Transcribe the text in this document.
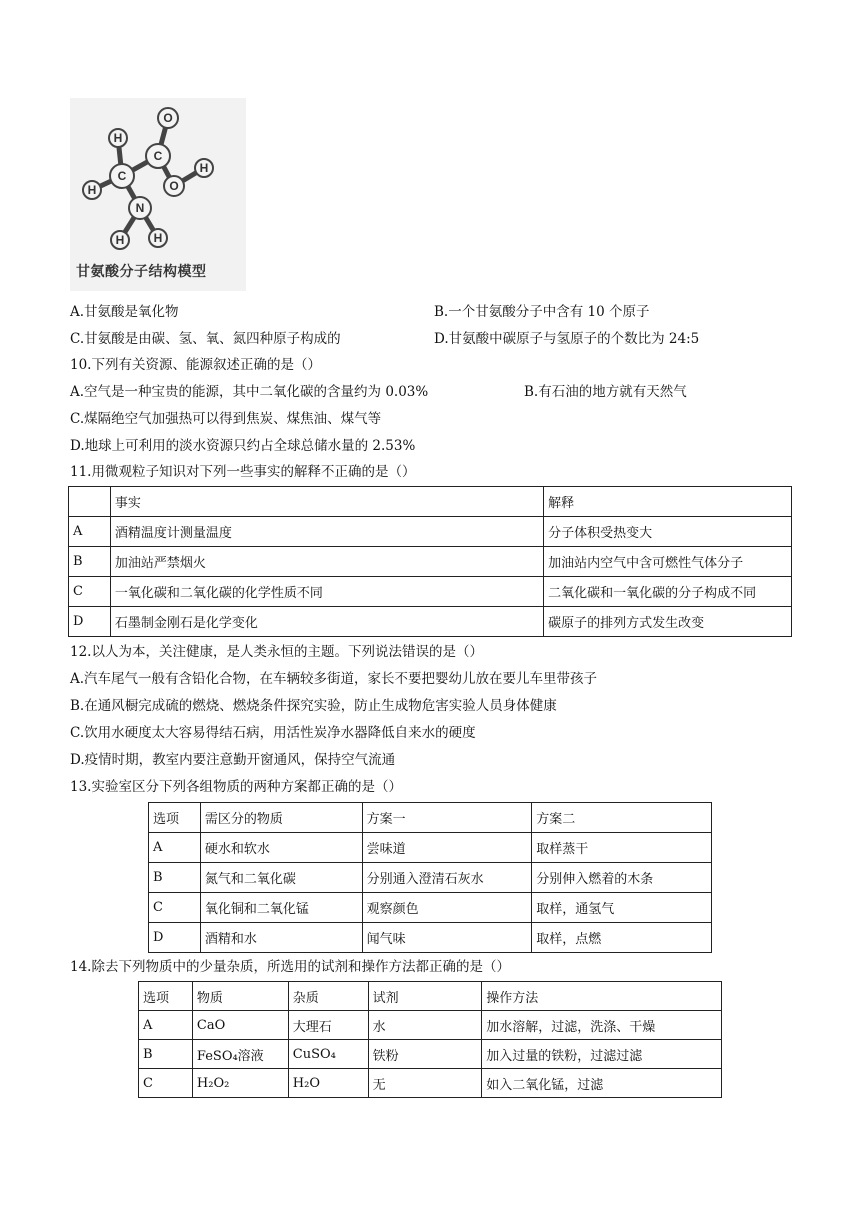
C
C
O
O
H
H
H
N
H H
甘氨酸分子结构模型
A.甘氨酸是氧化物	B.一个甘氨酸分子中含有 10 个原子
C.甘氨酸是由碳、氢、氧、氮四种原子构成的	D.甘氨酸中碳原子与氢原子的个数比为 24:5
10.下列有关资源、能源叙述正确的是（）
A.空气是一种宝贵的能源，其中二氧化碳的含量约为 0.03%	B.有石油的地方就有天然气
C.煤隔绝空气加强热可以得到焦炭、煤焦油、煤气等
D.地球上可利用的淡水资源只约占全球总储水量的 2.53%
11.用微观粒子知识对下列一些事实的解释不正确的是（）
	事实	解释
A	酒精温度计测量温度	分子体积受热变大
B	加油站严禁烟火	加油站内空气中含可燃性气体分子
C	一氧化碳和二氧化碳的化学性质不同	二氧化碳和一氧化碳的分子构成不同
D	石墨制金刚石是化学变化	碳原子的排列方式发生改变
12.以人为本，关注健康，是人类永恒的主题。下列说法错误的是（）
A.汽车尾气一般有含铅化合物，在车辆较多街道，家长不要把婴幼儿放在要儿车里带孩子
B.在通风橱完成硫的燃烧、燃烧条件探究实验，防止生成物危害实验人员身体健康
C.饮用水硬度太大容易得结石病，用活性炭净水器降低自来水的硬度
D.疫情时期，教室内要注意勤开窗通风，保持空气流通
13.实验室区分下列各组物质的两种方案都正确的是（）
选项	需区分的物质	方案一	方案二
A	硬水和软水	尝味道	取样蒸干
B	氮气和二氧化碳	分别通入澄清石灰水	分别伸入燃着的木条
C	氧化铜和二氧化锰	观察颜色	取样，通氢气
D	酒精和水	闻气味	取样，点燃
14.除去下列物质中的少量杂质，所选用的试剂和操作方法都正确的是（）
选项	物质	杂质	试剂	操作方法
A	CaO	大理石	水	加水溶解，过滤，洗涤、干燥
B	FeSO₄溶液	CuSO₄	铁粉	加入过量的铁粉，过滤过滤
C	H₂O₂	H₂O	无	如入二氧化锰，过滤
